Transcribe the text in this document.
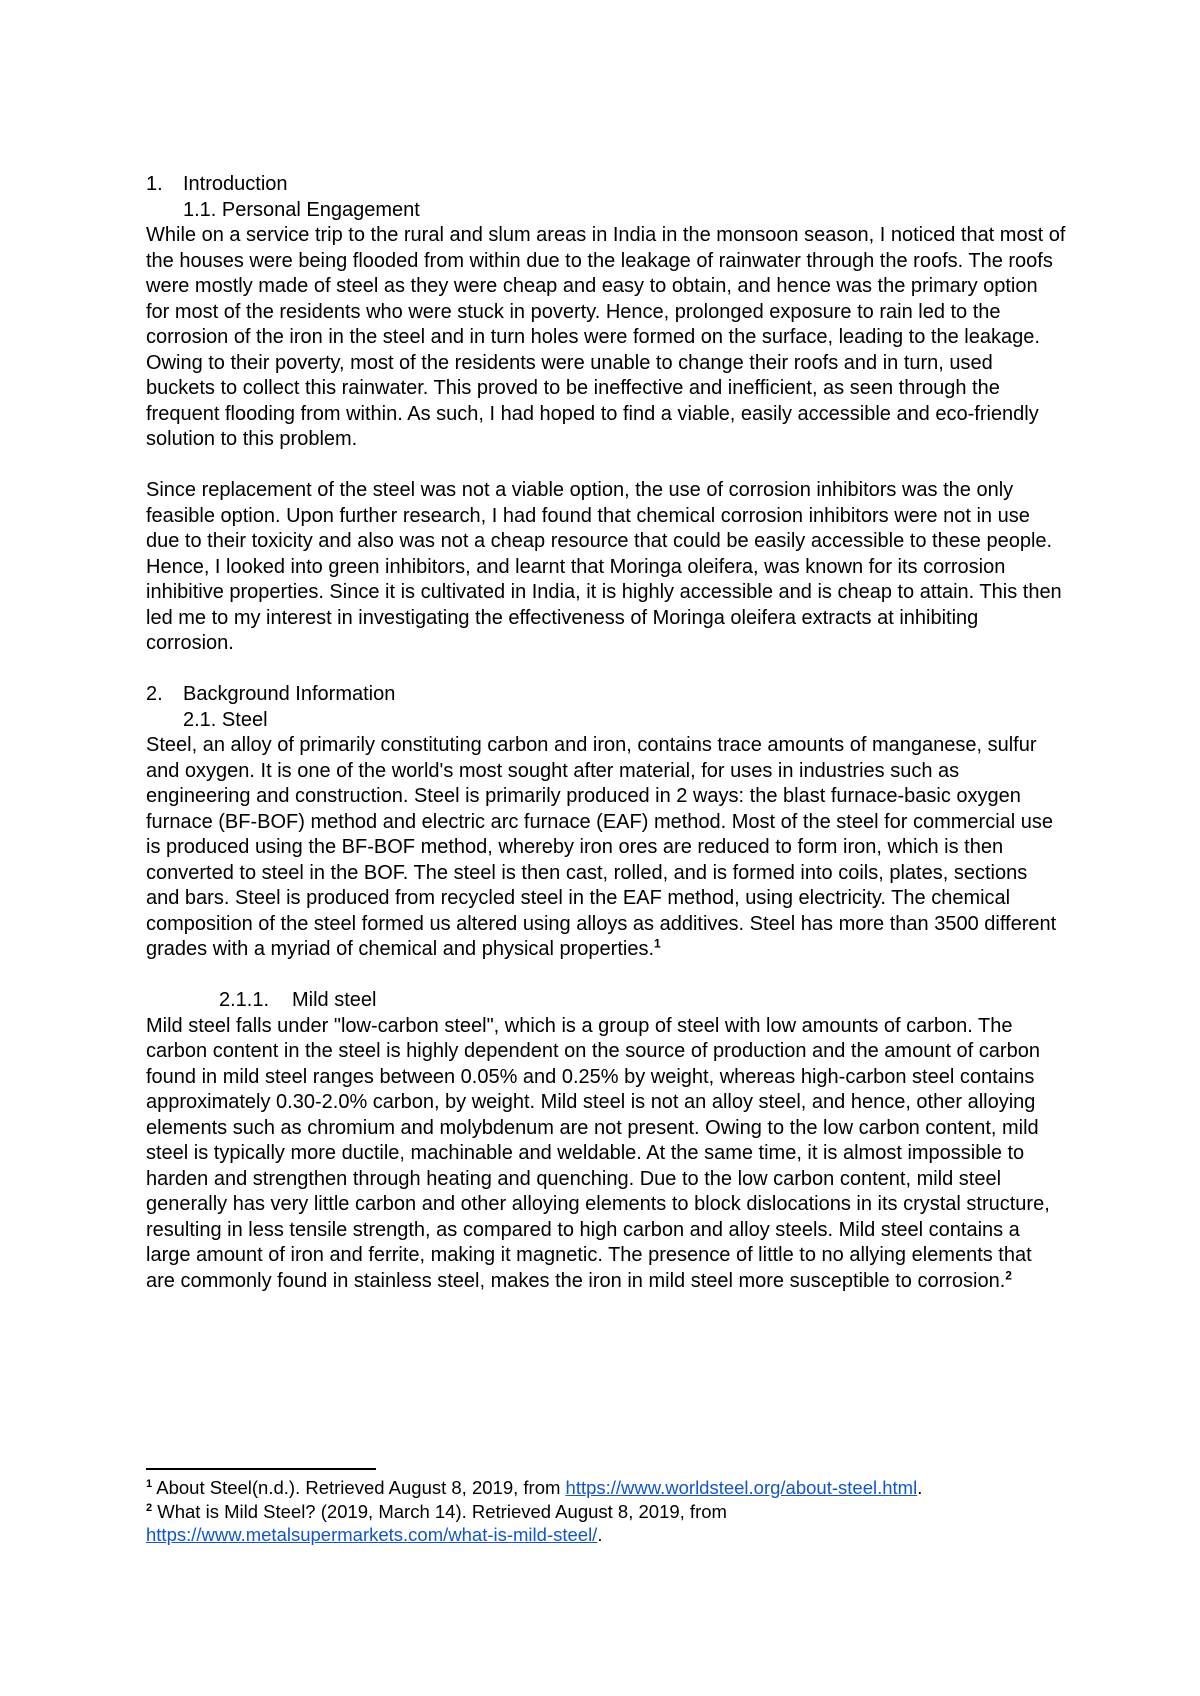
1.	Introduction
1.1. Personal Engagement

While on a service trip to the rural and slum areas in India in the monsoon season, I noticed that most of the houses were being flooded from within due to the leakage of rainwater through the roofs. The roofs were mostly made of steel as they were cheap and easy to obtain, and hence was the primary option for most of the residents who were stuck in poverty. Hence, prolonged exposure to rain led to the corrosion of the iron in the steel and in turn holes were formed on the surface, leading to the leakage. Owing to their poverty, most of the residents were unable to change their roofs and in turn, used buckets to collect this rainwater. This proved to be ineffective and inefficient, as seen through the frequent flooding from within. As such, I had hoped to find a viable, easily accessible and eco-friendly solution to this problem.

Since replacement of the steel was not a viable option, the use of corrosion inhibitors was the only feasible option. Upon further research, I had found that chemical corrosion inhibitors were not in use due to their toxicity and also was not a cheap resource that could be easily accessible to these people. Hence, I looked into green inhibitors, and learnt that Moringa oleifera, was known for its corrosion inhibitive properties. Since it is cultivated in India, it is highly accessible and is cheap to attain. This then led me to my interest in investigating the effectiveness of Moringa oleifera extracts at inhibiting corrosion.

2.	Background Information
2.1. Steel

Steel, an alloy of primarily constituting carbon and iron, contains trace amounts of manganese, sulfur and oxygen. It is one of the world's most sought after material, for uses in industries such as engineering and construction. Steel is primarily produced in 2 ways: the blast furnace-basic oxygen furnace (BF-BOF) method and electric arc furnace (EAF) method. Most of the steel for commercial use is produced using the BF-BOF method, whereby iron ores are reduced to form iron, which is then converted to steel in the BOF. The steel is then cast, rolled, and is formed into coils, plates, sections and bars. Steel is produced from recycled steel in the EAF method, using electricity. The chemical composition of the steel formed us altered using alloys as additives. Steel has more than 3500 different grades with a myriad of chemical and physical properties.$^1$

2.1.1.	Mild steel

Mild steel falls under "low-carbon steel", which is a group of steel with low amounts of carbon. The carbon content in the steel is highly dependent on the source of production and the amount of carbon found in mild steel ranges between 0.05% and 0.25% by weight, whereas high-carbon steel contains approximately 0.30-2.0% carbon, by weight. Mild steel is not an alloy steel, and hence, other alloying elements such as chromium and molybdenum are not present. Owing to the low carbon content, mild steel is typically more ductile, machinable and weldable. At the same time, it is almost impossible to harden and strengthen through heating and quenching. Due to the low carbon content, mild steel generally has very little carbon and other alloying elements to block dislocations in its crystal structure, resulting in less tensile strength, as compared to high carbon and alloy steels. Mild steel contains a large amount of iron and ferrite, making it magnetic. The presence of little to no allying elements that are commonly found in stainless steel, makes the iron in mild steel more susceptible to corrosion.$^2$

$^1$ About Steel(n.d.). Retrieved August 8, 2019, from https://www.worldsteel.org/about-steel.html.
$^2$ What is Mild Steel? (2019, March 14). Retrieved August 8, 2019, from https://www.metalsupermarkets.com/what-is-mild-steel/.
